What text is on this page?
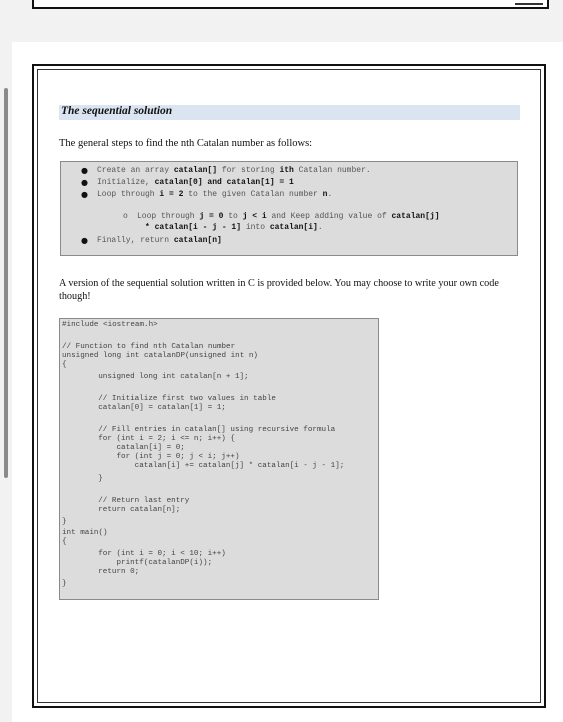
The sequential solution
The general steps to find the nth Catalan number as follows:
● Create an array catalan[] for storing ith Catalan number.
● Initialize, catalan[0] and catalan[1] = 1
● Loop through i = 2 to the given Catalan number n.
o Loop through j = 0 to j < i and Keep adding value of catalan[j]
* catalan[i - j - 1] into catalan[i].
● Finally, return catalan[n]
A version of the sequential solution written in C is provided below. You may choose to write your own code though!
#include <iostream.h>
// Function to find nth Catalan number
unsigned long int catalanDP(unsigned int n)
{
unsigned long int catalan[n + 1];
// Initialize first two values in table
catalan[0] = catalan[1] = 1;
// Fill entries in catalan[] using recursive formula
for (int i = 2; i <= n; i++) {
catalan[i] = 0;
for (int j = 0; j < i; j++)
catalan[i] += catalan[j] * catalan[i - j - 1];
}
// Return last entry
return catalan[n];
}
int main()
{
for (int i = 0; i < 10; i++)
printf(catalanDP(i));
return 0;
}
